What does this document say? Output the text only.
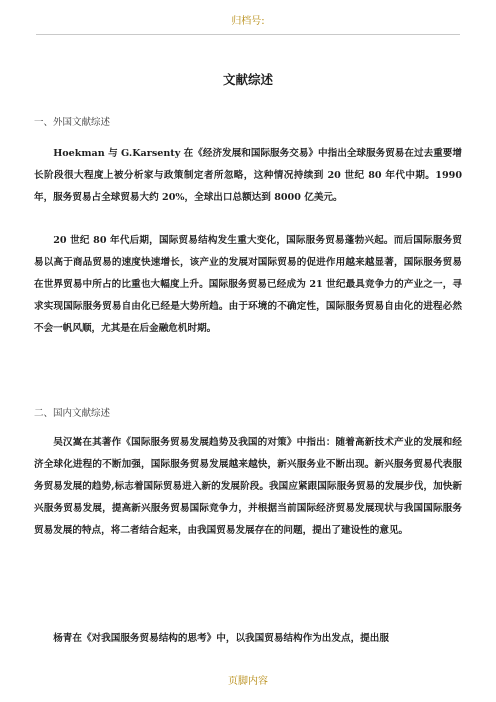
归档号:
文献综述
一、外国文献综述

Hoekman 与 G.Karsenty 在《经济发展和国际服务交易》中指出全球服务贸易在过去重要增长阶段很大程度上被分析家与政策制定者所忽略，这种情况持续到 20 世纪 80 年代中期。1990 年，服务贸易占全球贸易大约 20%，全球出口总额达到 8000 亿美元。

20 世纪 80 年代后期，国际贸易结构发生重大变化，国际服务贸易蓬勃兴起。而后国际服务贸易以高于商品贸易的速度快速增长，该产业的发展对国际贸易的促进作用越来越显著，国际服务贸易在世界贸易中所占的比重也大幅度上升。国际服务贸易已经成为 21 世纪最具竞争力的产业之一，寻求实现国际服务贸易自由化已经是大势所趋。由于环境的不确定性，国际服务贸易自由化的进程必然不会一帆风顺，尤其是在后金融危机时期。

二、国内文献综述

吴汉嵩在其著作《国际服务贸易发展趋势及我国的对策》中指出：随着高新技术产业的发展和经济全球化进程的不断加强，国际服务贸易发展越来越快，新兴服务业不断出现。新兴服务贸易代表服务贸易发展的趋势,标志着国际贸易进入新的发展阶段。我国应紧跟国际服务贸易的发展步伐，加快新兴服务贸易发展，提高新兴服务贸易国际竞争力，并根据当前国际经济贸易发展现状与我国国际服务贸易发展的特点，将二者结合起来，由我国贸易发展存在的问题，提出了建设性的意见。

杨青在《对我国服务贸易结构的思考》中，以我国贸易结构作为出发点，提出服

页脚内容
